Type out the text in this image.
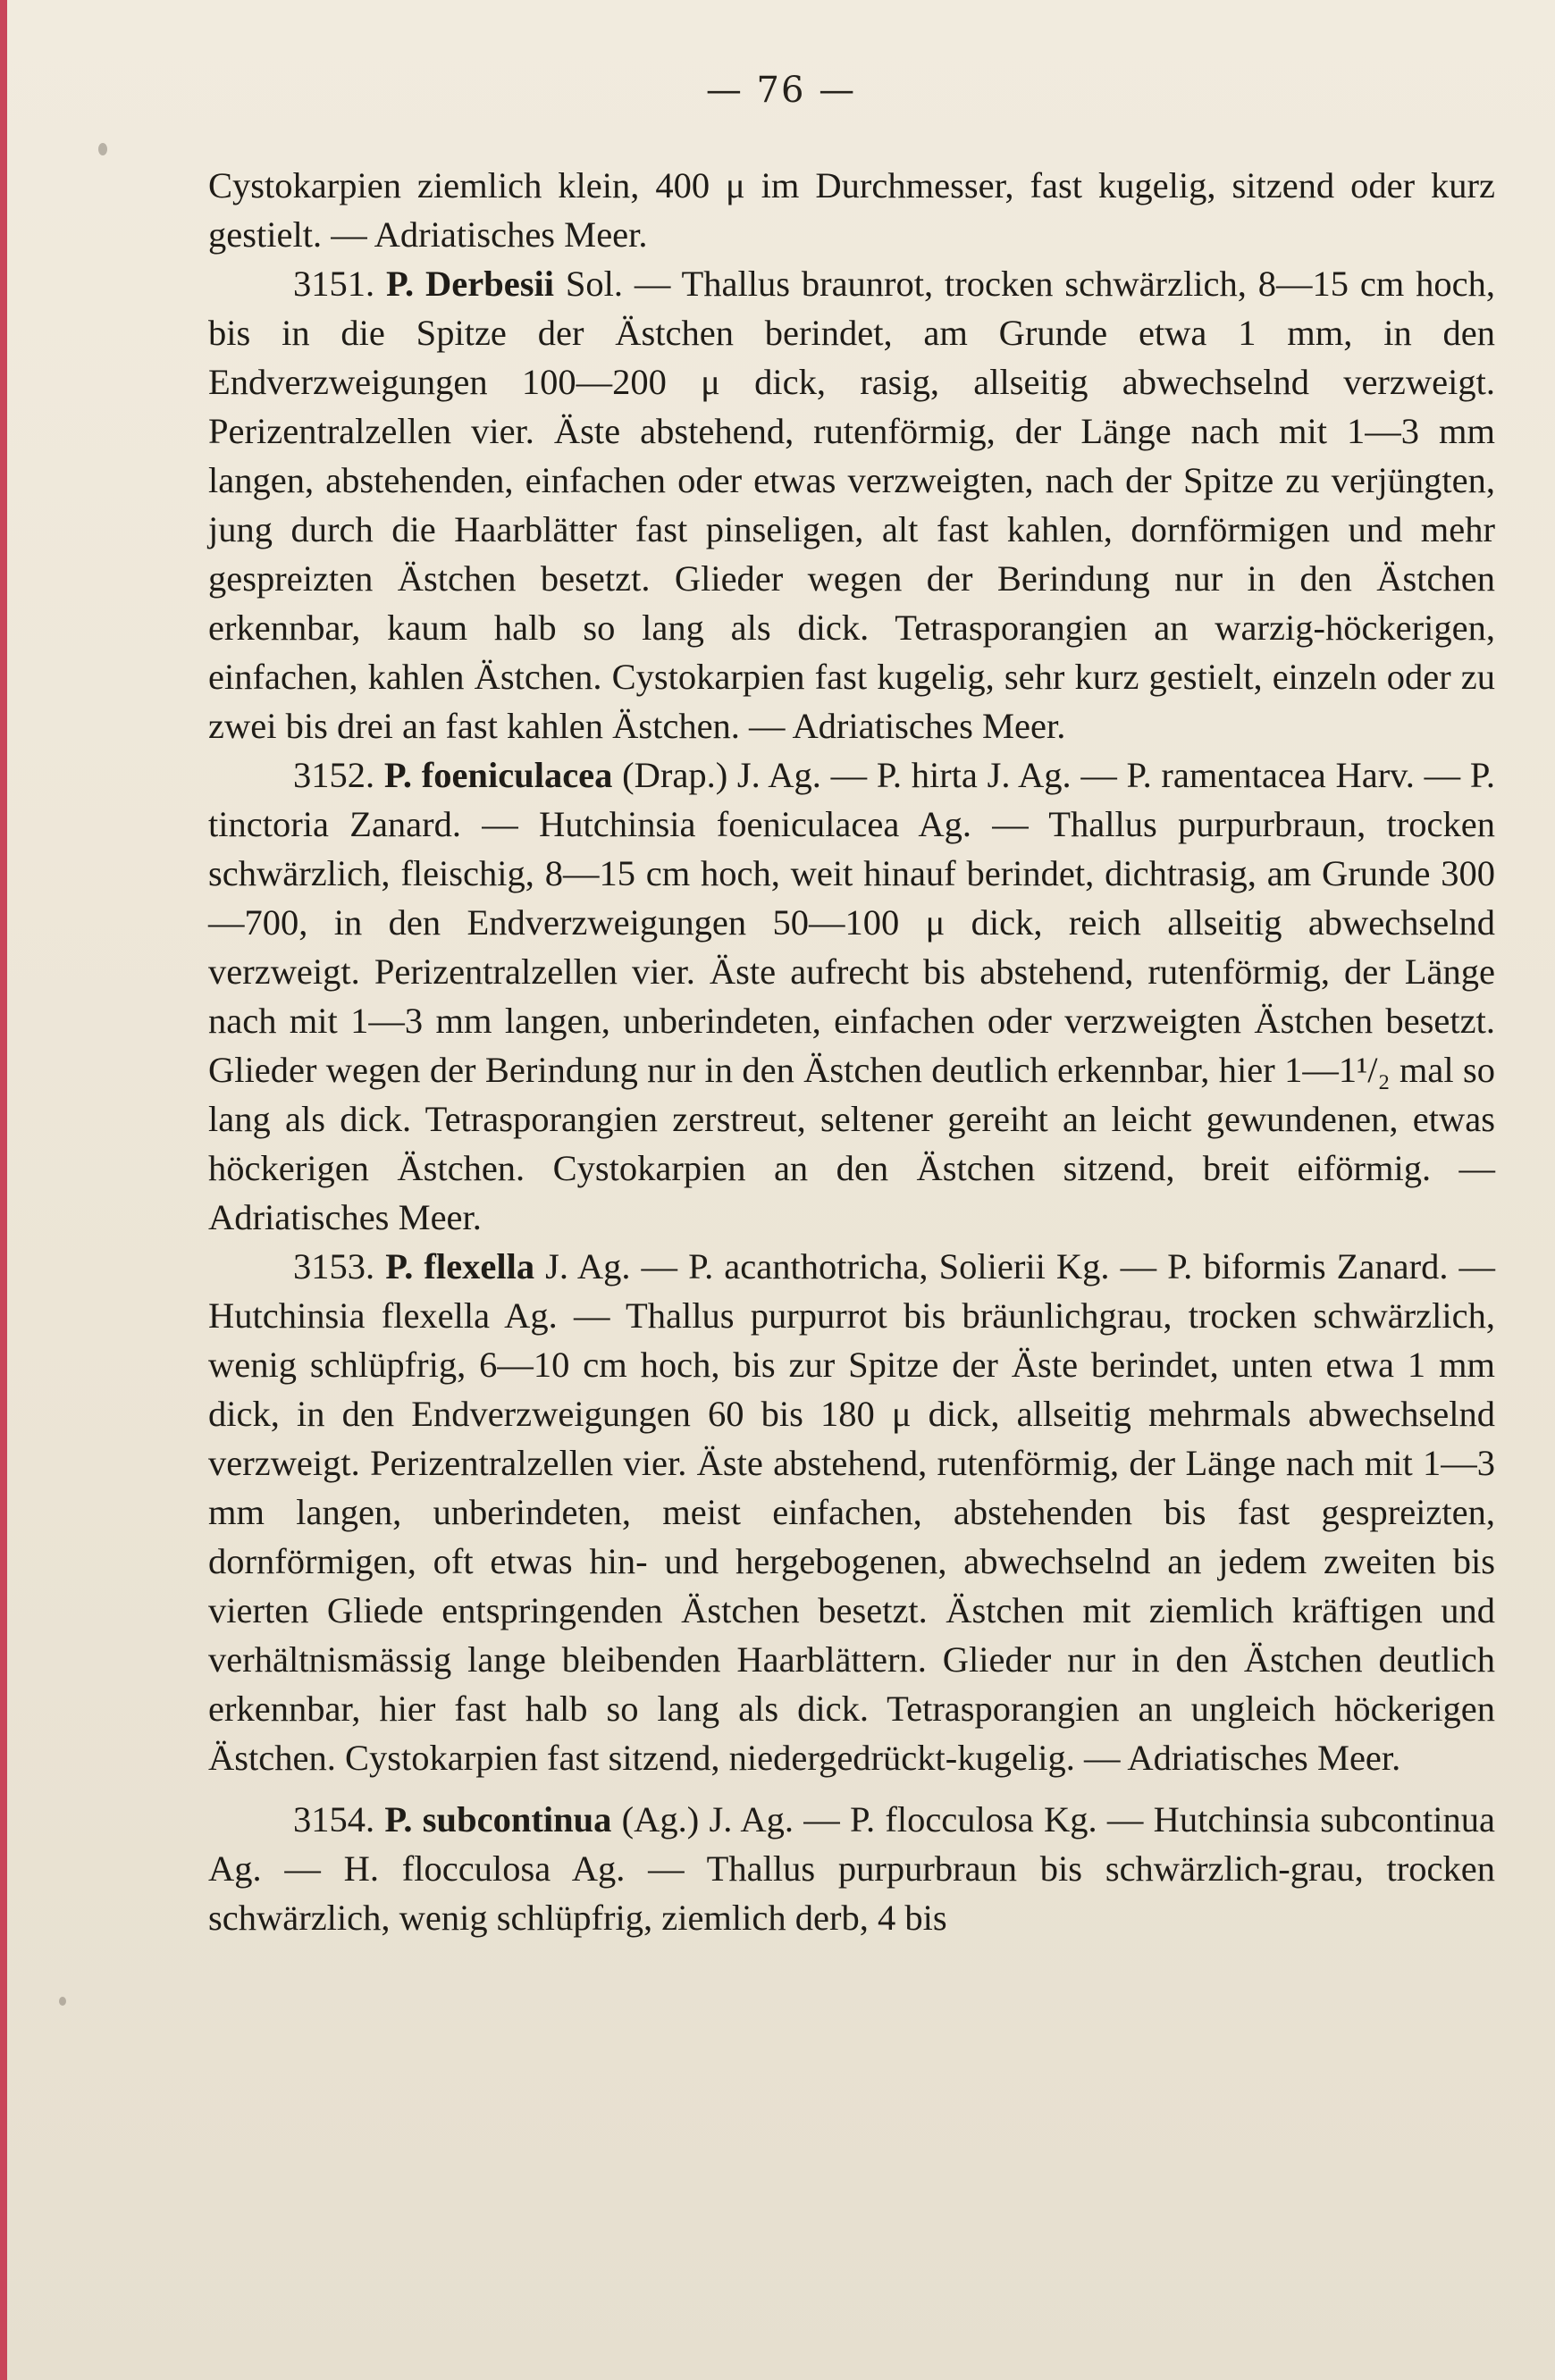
— 76 —

Cystokarpien ziemlich klein, 400 μ im Durchmesser, fast kugelig, sitzend oder kurz gestielt. — Adriatisches Meer.

3151. P. Derbesii Sol. — Thallus braunrot, trocken schwärzlich, 8—15 cm hoch, bis in die Spitze der Ästchen berindet, am Grunde etwa 1 mm, in den Endverzweigungen 100—200 μ dick, rasig, allseitig abwechselnd verzweigt. Perizentralzellen vier. Äste abstehend, rutenförmig, der Länge nach mit 1—3 mm langen, abstehenden, einfachen oder etwas verzweigten, nach der Spitze zu verjüngten, jung durch die Haarblätter fast pinseligen, alt fast kahlen, dornförmigen und mehr gespreizten Ästchen besetzt. Glieder wegen der Berindung nur in den Ästchen erkennbar, kaum halb so lang als dick. Tetrasporangien an warzig-höckerigen, einfachen, kahlen Ästchen. Cystokarpien fast kugelig, sehr kurz gestielt, einzeln oder zu zwei bis drei an fast kahlen Ästchen. — Adriatisches Meer.

3152. P. foeniculacea (Drap.) J. Ag. — P. hirta J. Ag. — P. ramentacea Harv. — P. tinctoria Zanard. — Hutchinsia foeniculacea Ag. — Thallus purpurbraun, trocken schwärzlich, fleischig, 8—15 cm hoch, weit hinauf berindet, dichtrasig, am Grunde 300—700, in den Endverzweigungen 50—100 μ dick, reich allseitig abwechselnd verzweigt. Perizentralzellen vier. Äste aufrecht bis abstehend, rutenförmig, der Länge nach mit 1—3 mm langen, unberindeten, einfachen oder verzweigten Ästchen besetzt. Glieder wegen der Berindung nur in den Ästchen deutlich erkennbar, hier 1—1¹/₂ mal so lang als dick. Tetrasporangien zerstreut, seltener gereiht an leicht gewundenen, etwas höckerigen Ästchen. Cystokarpien an den Ästchen sitzend, breit eiförmig. — Adriatisches Meer.

3153. P. flexella J. Ag. — P. acanthotricha, Solierii Kg. — P. biformis Zanard. — Hutchinsia flexella Ag. — Thallus purpurrot bis bräunlichgrau, trocken schwärzlich, wenig schlüpfrig, 6—10 cm hoch, bis zur Spitze der Äste berindet, unten etwa 1 mm dick, in den Endverzweigungen 60 bis 180 μ dick, allseitig mehrmals abwechselnd verzweigt. Perizentralzellen vier. Äste abstehend, rutenförmig, der Länge nach mit 1—3 mm langen, unberindeten, meist einfachen, abstehenden bis fast gespreizten, dornförmigen, oft etwas hin- und hergebogenen, abwechselnd an jedem zweiten bis vierten Gliede entspringenden Ästchen besetzt. Ästchen mit ziemlich kräftigen und verhältnismässig lange bleibenden Haarblättern. Glieder nur in den Ästchen deutlich erkennbar, hier fast halb so lang als dick. Tetrasporangien an ungleich höckerigen Ästchen. Cystokarpien fast sitzend, niedergedrückt-kugelig. — Adriatisches Meer.

3154. P. subcontinua (Ag.) J. Ag. — P. flocculosa Kg. — Hutchinsia subcontinua Ag. — H. flocculosa Ag. — Thallus purpurbraun bis schwärzlich-grau, trocken schwärzlich, wenig schlüpfrig, ziemlich derb, 4 bis
